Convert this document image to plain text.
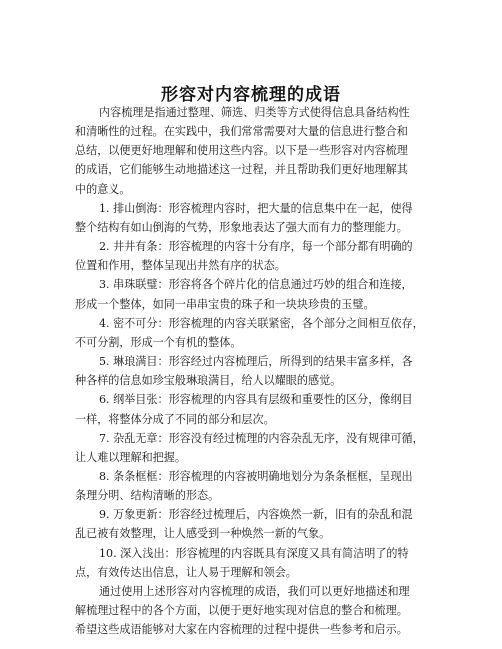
形容对内容梳理的成语

内容梳理是指通过整理、筛选、归类等方式使得信息具备结构性
和清晰性的过程。在实践中，我们常常需要对大量的信息进行整合和
总结，以便更好地理解和使用这些内容。以下是一些形容对内容梳理
的成语，它们能够生动地描述这一过程，并且帮助我们更好地理解其
中的意义。

1. 排山倒海：形容梳理内容时，把大量的信息集中在一起，使得
整个结构有如山倒海的气势，形象地表达了强大而有力的整理能力。

2. 井井有条：形容梳理的内容十分有序，每一个部分都有明确的
位置和作用，整体呈现出井然有序的状态。

3. 串珠联璧：形容将各个碎片化的信息通过巧妙的组合和连接，
形成一个整体，如同一串串宝贵的珠子和一块块珍贵的玉璧。

4. 密不可分：形容梳理的内容关联紧密，各个部分之间相互依存，
不可分割，形成一个有机的整体。

5. 琳琅满目：形容经过内容梳理后，所得到的结果丰富多样，各
种各样的信息如珍宝般琳琅满目，给人以耀眼的感觉。

6. 纲举目张：形容梳理的内容具有层级和重要性的区分，像纲目
一样，将整体分成了不同的部分和层次。

7. 杂乱无章：形容没有经过梳理的内容杂乱无序，没有规律可循，
让人难以理解和把握。

8. 条条框框：形容梳理的内容被明确地划分为条条框框，呈现出
条理分明、结构清晰的形态。

9. 万象更新：形容经过梳理后，内容焕然一新，旧有的杂乱和混
乱已被有效整理，让人感受到一种焕然一新的气象。

10. 深入浅出：形容梳理的内容既具有深度又具有简洁明了的特
点，有效传达出信息，让人易于理解和领会。

通过使用上述形容对内容梳理的成语，我们可以更好地描述和理
解梳理过程中的各个方面，以便于更好地实现对信息的整合和梳理。
希望这些成语能够对大家在内容梳理的过程中提供一些参考和启示。
